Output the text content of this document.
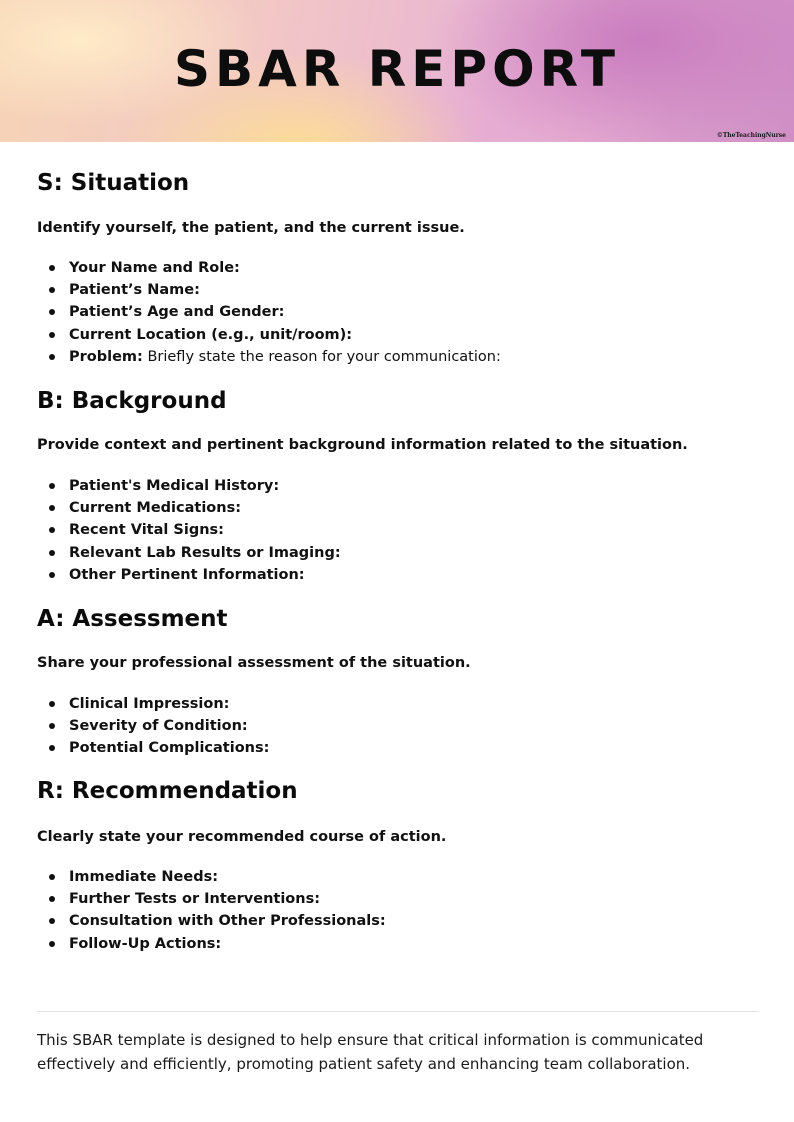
SBAR REPORT
©TheTeachingNurse
S: Situation

Identify yourself, the patient, and the current issue.

Your Name and Role:
Patient’s Name:
Patient’s Age and Gender:
Current Location (e.g., unit/room):
Problem: Briefly state the reason for your communication:
B: Background

Provide context and pertinent background information related to the situation.

Patient's Medical History:
Current Medications:
Recent Vital Signs:
Relevant Lab Results or Imaging:
Other Pertinent Information:
A: Assessment

Share your professional assessment of the situation.

Clinical Impression:
Severity of Condition:
Potential Complications:
R: Recommendation

Clearly state your recommended course of action.

Immediate Needs:
Further Tests or Interventions:
Consultation with Other Professionals:
Follow-Up Actions:

This SBAR template is designed to help ensure that critical information is communicated effectively and efficiently, promoting patient safety and enhancing team collaboration.
